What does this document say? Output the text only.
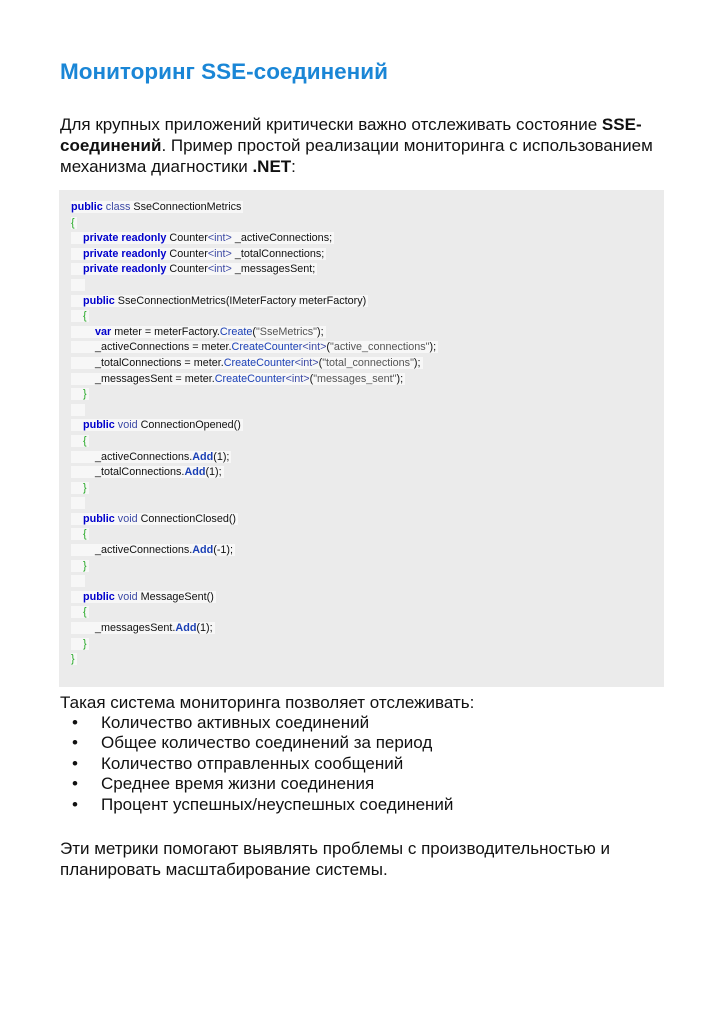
Мониторинг SSE-соединений

Для крупных приложений критически важно отслеживать состояние SSE-соединений. Пример простой реализации мониторинга с использованием механизма диагностики .NET:

public class SseConnectionMetrics
{
private readonly Counter<int> _activeConnections;
private readonly Counter<int> _totalConnections;
private readonly Counter<int> _messagesSent;

public SseConnectionMetrics(IMeterFactory meterFactory)
{
var meter = meterFactory.Create("SseMetrics");
_activeConnections = meter.CreateCounter<int>("active_connections");
_totalConnections = meter.CreateCounter<int>("total_connections");
_messagesSent = meter.CreateCounter<int>("messages_sent");
}

public void ConnectionOpened()
{
_activeConnections.Add(1);
_totalConnections.Add(1);
}

public void ConnectionClosed()
{
_activeConnections.Add(-1);
}

public void MessageSent()
{
_messagesSent.Add(1);
}
}

Такая система мониторинга позволяет отслеживать:

• Количество активных соединений
• Общее количество соединений за период
• Количество отправленных сообщений
• Среднее время жизни соединения
• Процент успешных/неуспешных соединений

Эти метрики помогают выявлять проблемы с производительностью и планировать масштабирование системы.
